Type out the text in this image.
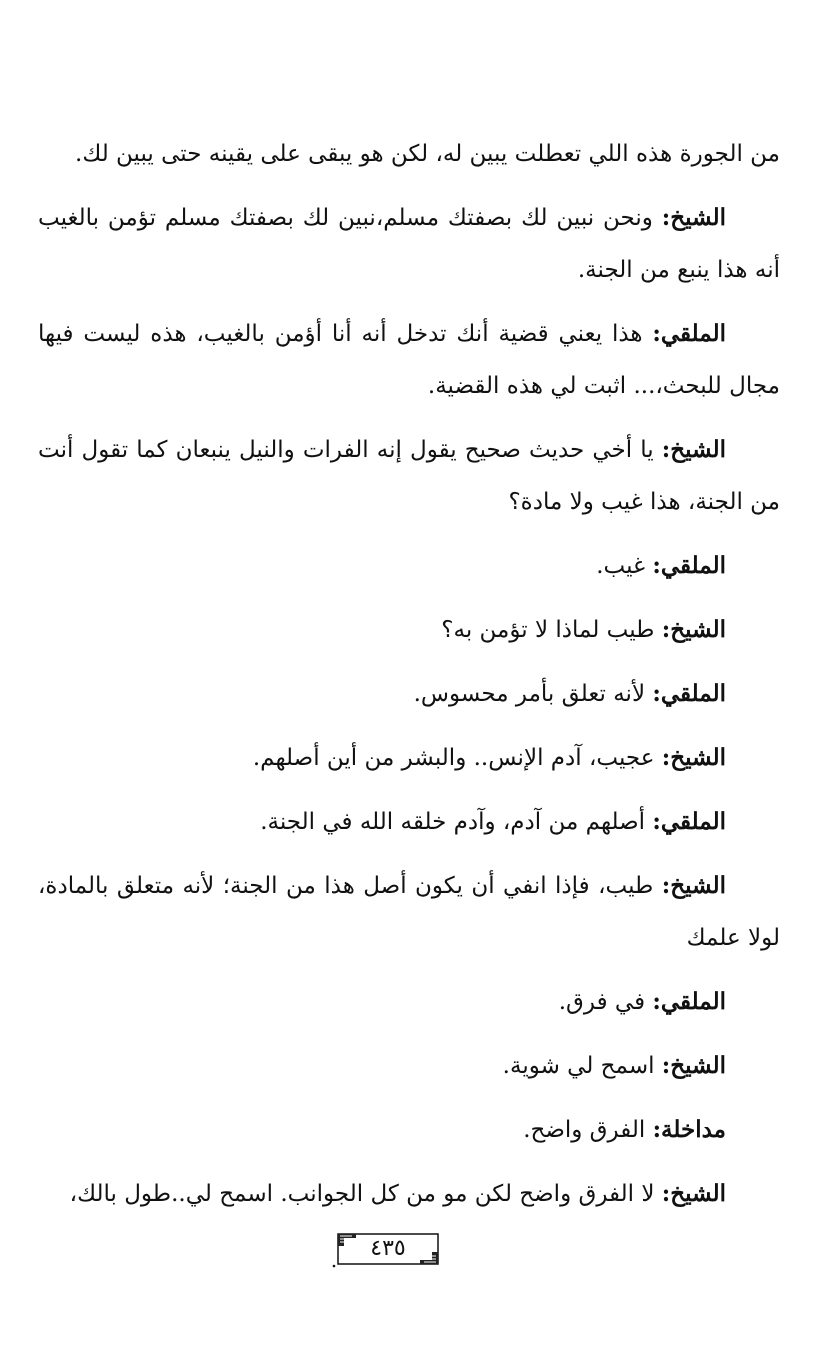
من الجورة هذه اللي تعطلت يبين له، لكن هو يبقى على يقينه حتى يبين لك.

الشيخ: ونحن نبين لك بصفتك مسلم،نبين لك بصفتك مسلم تؤمن بالغيب أنه هذا ينبع من الجنة.

الملقي: هذا يعني قضية أنك تدخل أنه أنا أؤمن بالغيب، هذه ليست فيها مجال للبحث،... اثبت لي هذه القضية.

الشيخ: يا أخي حديث صحيح يقول إنه الفرات والنيل ينبعان كما تقول أنت من الجنة، هذا غيب ولا مادة؟

الملقي: غيب.

الشيخ: طيب لماذا لا تؤمن به؟

الملقي: لأنه تعلق بأمر محسوس.

الشيخ: عجيب، آدم الإنس.. والبشر من أين أصلهم.

الملقي: أصلهم من آدم، وآدم خلقه الله في الجنة.

الشيخ: طيب، فإذا انفي أن يكون أصل هذا من الجنة؛ لأنه متعلق بالمادة، لولا علمك

الملقي: في فرق.

الشيخ: اسمح لي شوية.

مداخلة: الفرق واضح.

الشيخ: لا الفرق واضح لكن مو من كل الجوانب. اسمح لي..طول بالك،

٤٣٥
